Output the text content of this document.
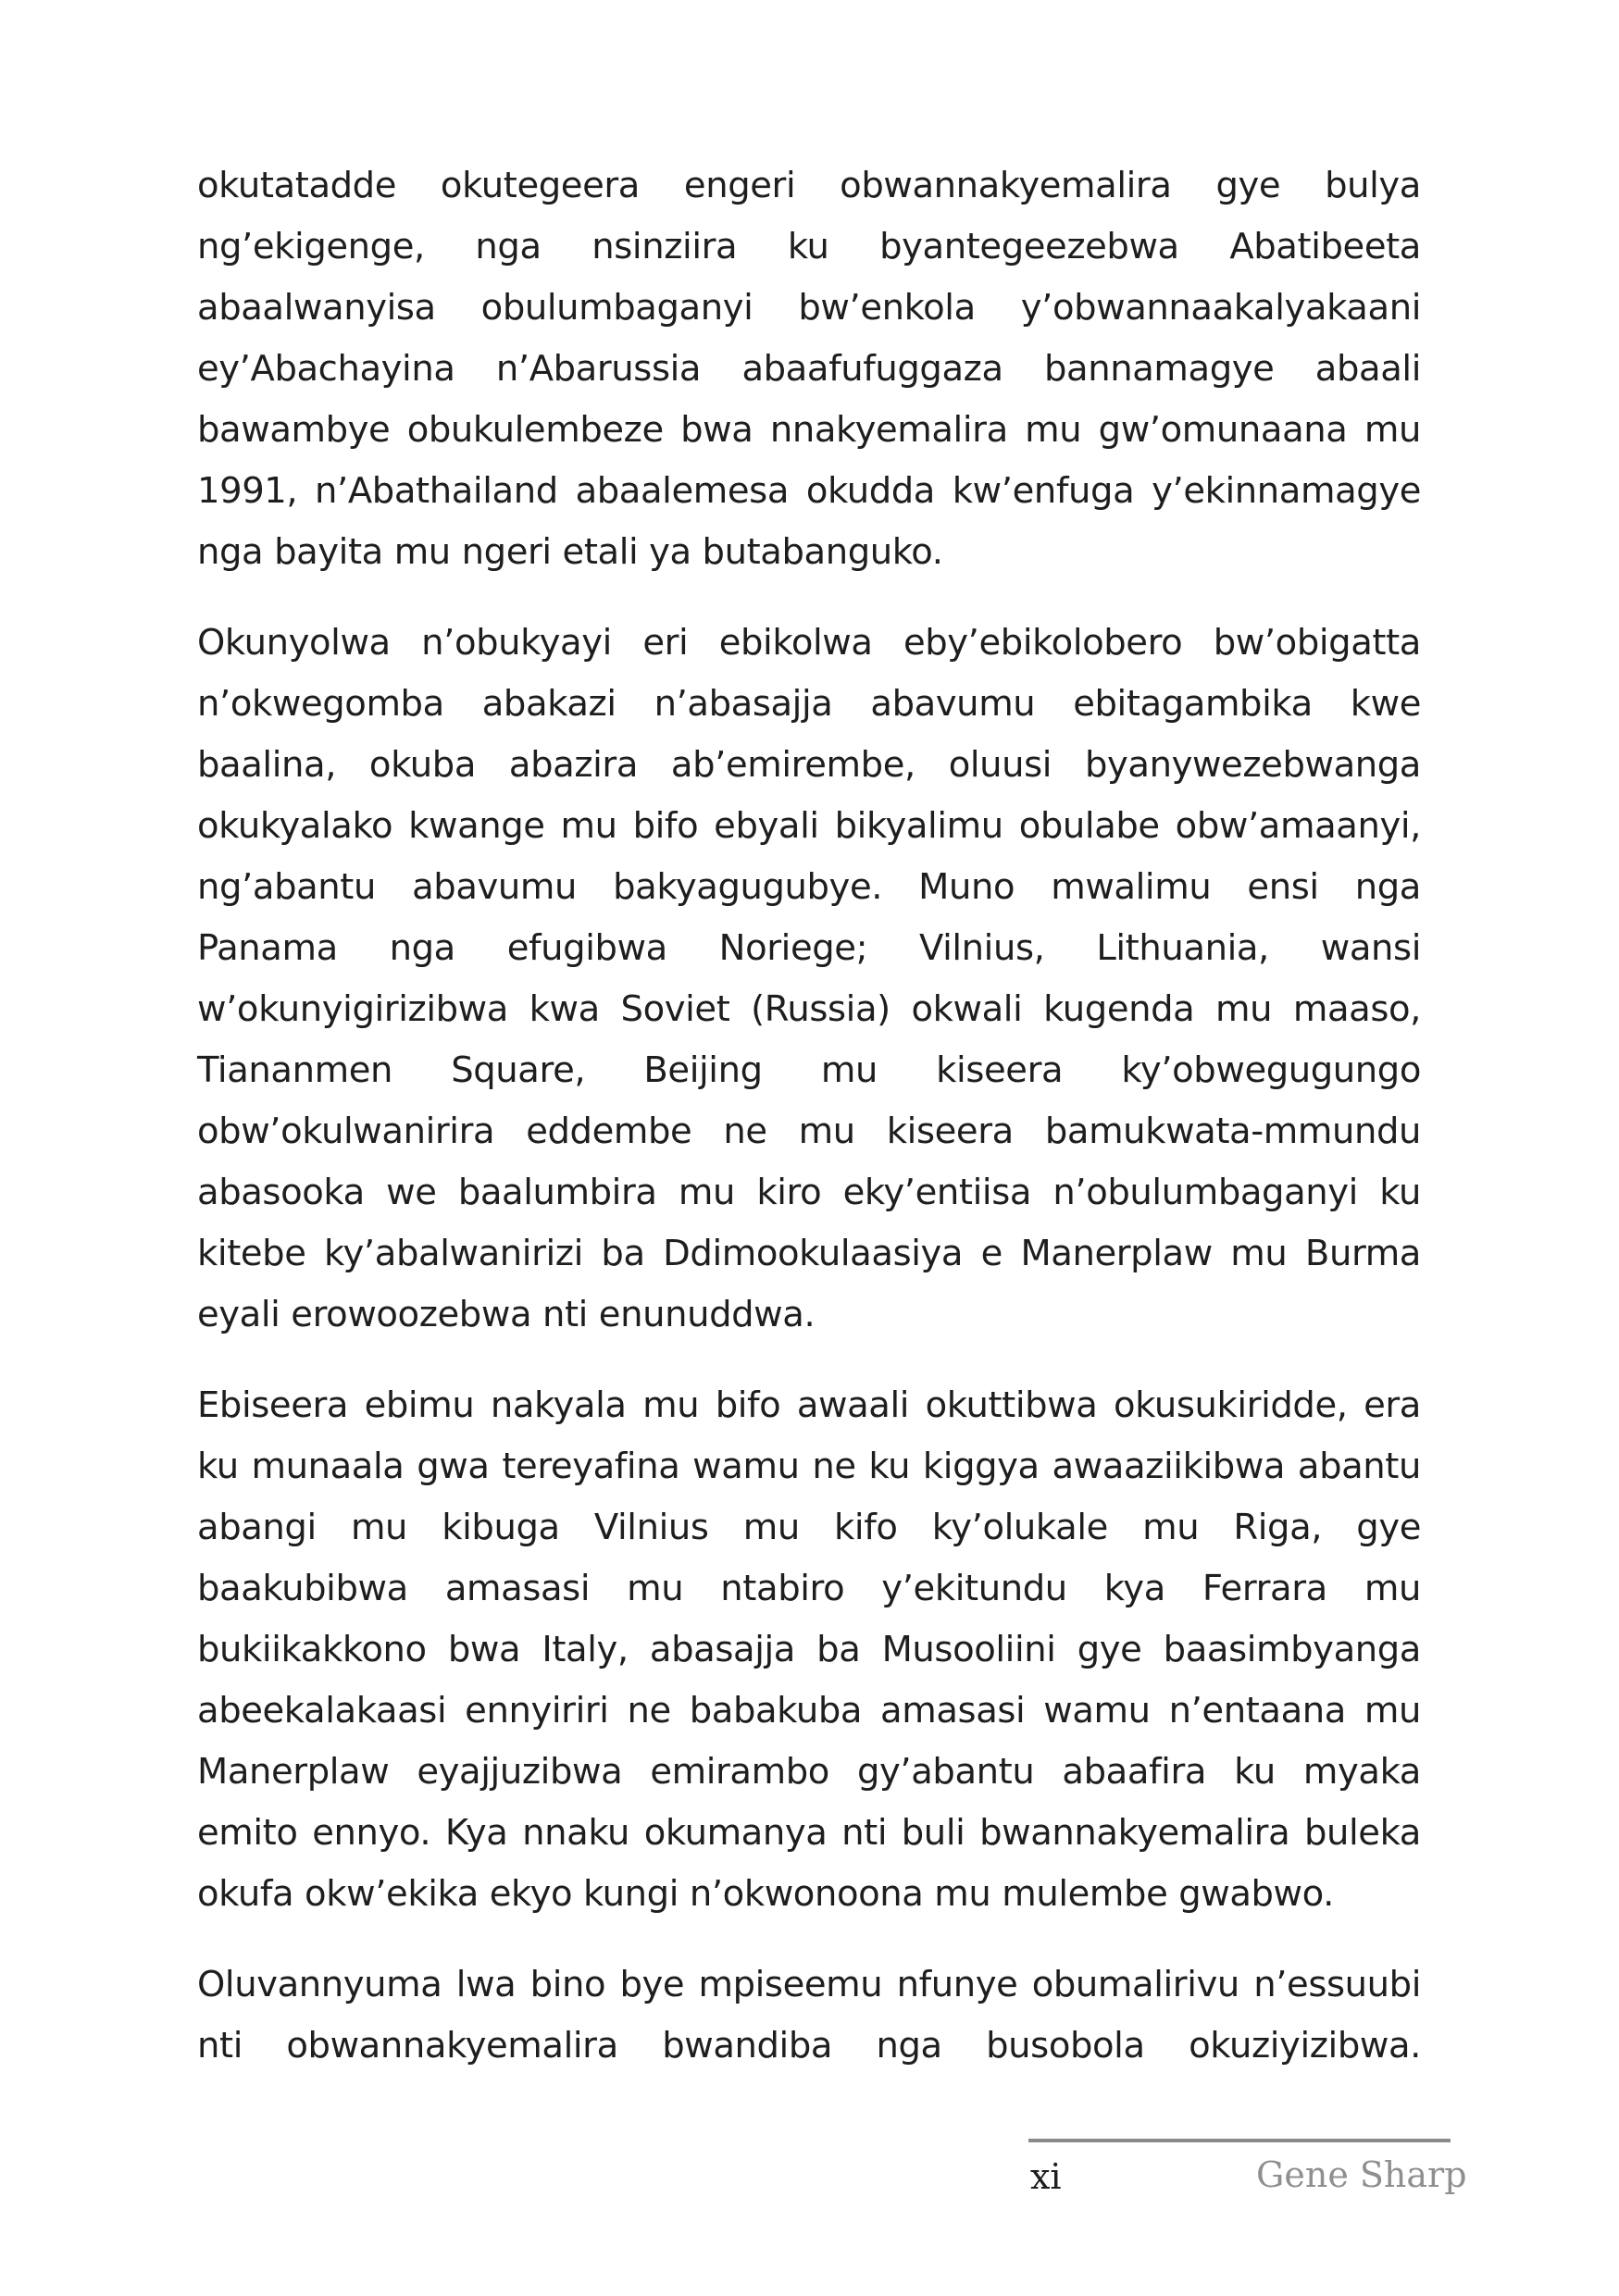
okutatadde okutegeera engeri obwannakyemalira gye bulya ng’ekigenge, nga nsinziira ku byantegeezebwa Abatibeeta abaalwanyisa obulumbaganyi bw’enkola y’obwannaakalyakaani ey’Abachayina n’Abarussia abaafufuggaza bannamagye abaali bawambye obukulembeze bwa nnakyemalira mu gw’omunaana mu 1991, n’Abathailand abaalemesa okudda kw’enfuga y’ekinnamagye nga bayita mu ngeri etali ya butabanguko.

Okunyolwa n’obukyayi eri ebikolwa eby’ebikolobero bw’obigatta n’okwegomba abakazi n’abasajja abavumu ebitagambika kwe baalina, okuba abazira ab’emirembe, oluusi byanywezebwanga okukyalako kwange mu bifo ebyali bikyalimu obulabe obw’amaanyi, ng’abantu abavumu bakyagugubye. Muno mwalimu ensi nga Panama nga efugibwa Noriege; Vilnius, Lithuania, wansi w’okunyigirizibwa kwa Soviet (Russia) okwali kugenda mu maaso, Tiananmen Square, Beijing mu kiseera ky’obwegugungo obw’okulwanirira eddembe ne mu kiseera bamukwata-mmundu abasooka we baalumbira mu kiro eky’entiisa n’obulumbaganyi ku kitebe ky’abalwanirizi ba Ddimookulaasiya e Manerplaw mu Burma eyali erowoozebwa nti enunuddwa.

Ebiseera ebimu nakyala mu bifo awaali okuttibwa okusukiridde, era ku munaala gwa tereyafina wamu ne ku kiggya awaaziikibwa abantu abangi mu kibuga Vilnius mu kifo ky’olukale mu Riga, gye baakubibwa amasasi mu ntabiro y’ekitundu kya Ferrara mu bukiikakkono bwa Italy, abasajja ba Musooliini gye baasimbyanga abeekalakaasi ennyiriri ne babakuba amasasi wamu n’entaana mu Manerplaw eyajjuzibwa emirambo gy’abantu abaafira ku myaka emito ennyo. Kya nnaku okumanya nti buli bwannakyemalira buleka okufa okw’ekika ekyo kungi n’okwonoona mu mulembe gwabwo.

Oluvannyuma lwa bino bye mpiseemu nfunye obumalirivu n’essuubi nti obwannakyemalira bwandiba nga busobola okuziyizibwa.

xi	Gene Sharp
